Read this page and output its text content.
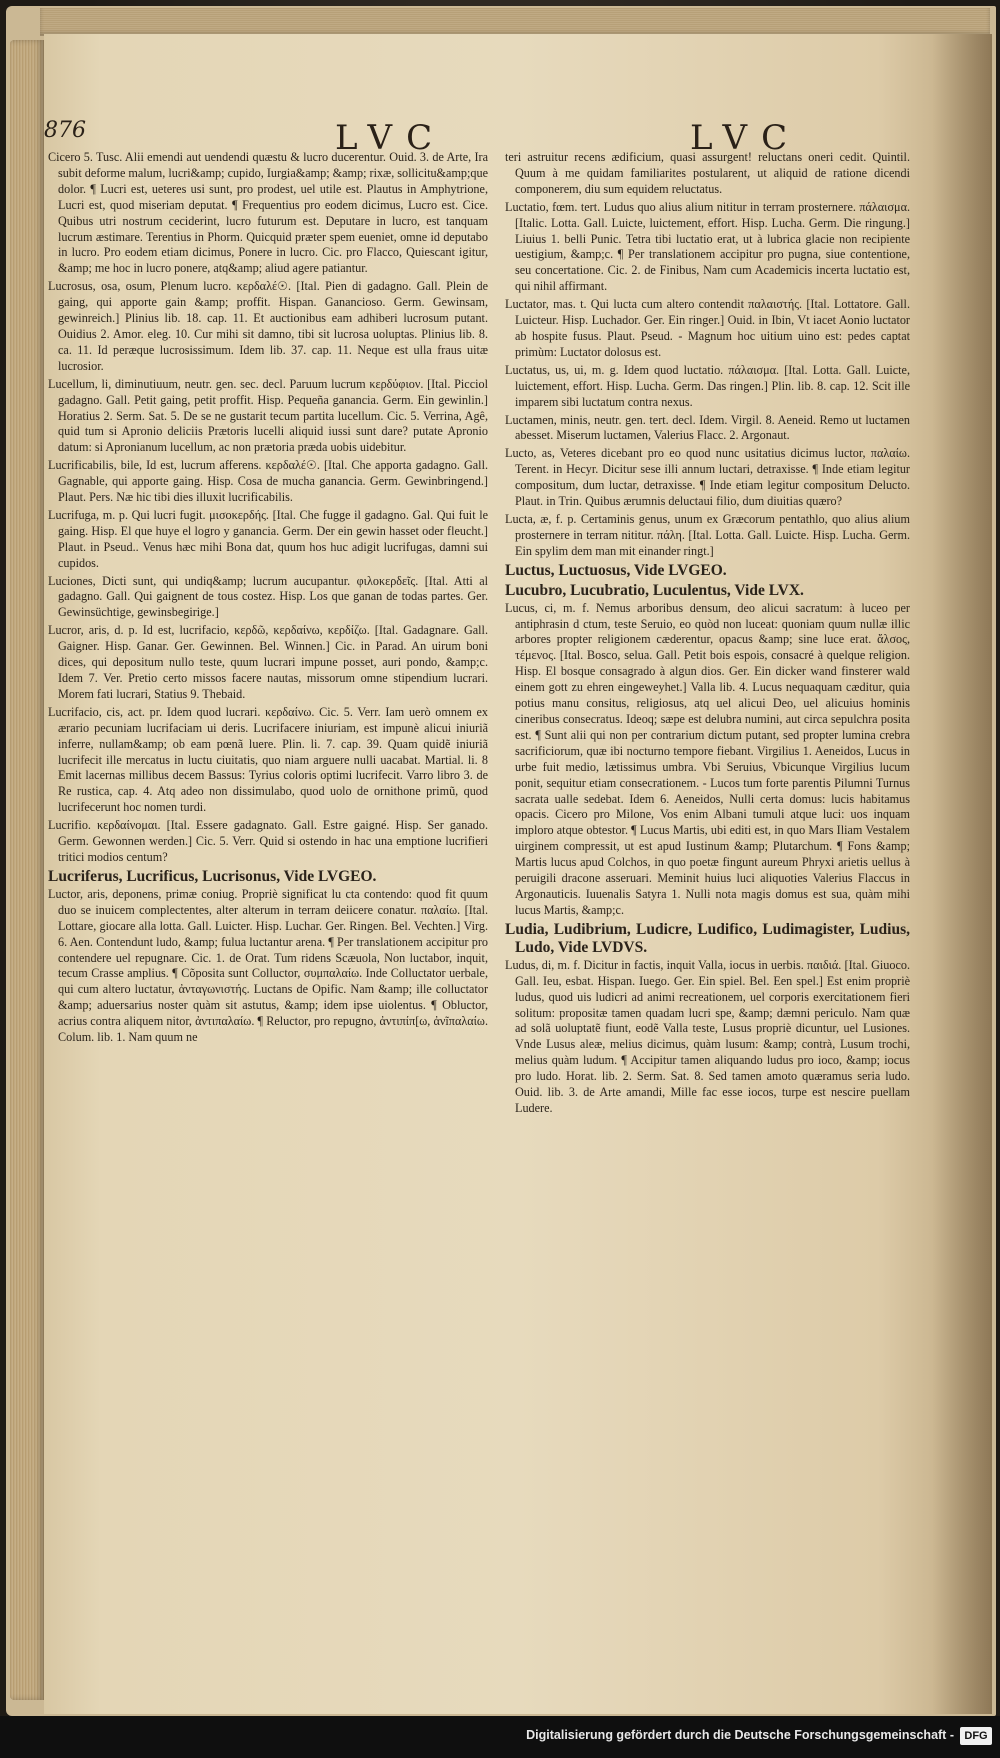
876	LVC	LVC

Cicero 5. Tusc. Alii emendi aut uendendi quæstu & lucro ducerentur. Ouid. 3. de Arte, Ira subit deforme malum, lucri&amp; cupido, Iurgia&amp; &amp; rixæ, sollicitu&amp;que dolor. ¶ Lucri est, ueteres usi sunt, pro prodest, uel utile est. Plautus in Amphytrione, Lucri est, quod miseriam deputat. ¶ Frequentius pro eodem dicimus, Lucro est. Cice. Quibus utri nostrum ceciderint, lucro futurum est. Deputare in lucro, est tanquam lucrum æstimare. Terentius in Phorm. Quicquid præter spem eueniet, omne id deputabo in lucro. Pro eodem etiam dicimus, Ponere in lucro. Cic. pro Flacco, Quiescant igitur, &amp; me hoc in lucro ponere, atq&amp; aliud agere patiantur.

Lucrosus, osa, osum, Plenum lucro. κερδαλέ☉. [Ital. Pien di gadagno. Gall. Plein de gaing, qui apporte gain &amp; proffit. Hispan. Gananciosо. Germ. Gewinsam, gewinreich.] Plinius lib. 18. cap. 11. Et auctionibus eam adhiberi lucrosum putant. Ouidius 2. Amor. eleg. 10. Cur mihi sit damno, tibi sit lucrosa uoluptas. Plinius lib. 8. ca. 11. Id peræque lucrosissimum. Idem lib. 37. cap. 11. Neque est ulla fraus uitæ lucrosior.

Lucellum, li, diminutiuum, neutr. gen. sec. decl. Paruum lucrum κερδύφιον. [Ital. Picciol gadagno. Gall. Petit gaing, petit proffit. Hisp. Pequeña ganancia. Germ. Ein gewinlin.] Horatius 2. Serm. Sat. 5. De se ne gustarit tecum partita lucellum. Cic. 5. Verrina, Agê, quid tum si Apronio deliciis Prætoris lucelli aliquid iussi sunt dare? putate Apronio datum: si Apronianum lucellum, ac non prætoria præda uobis uidebitur.

Lucrificabilis, bile, Id est, lucrum afferens. κερδαλέ☉. [Ital. Che apporta gadagno. Gall. Gagnable, qui apporte gaing. Hisp. Cosa de mucha ganancia. Germ. Gewinbringend.] Plaut. Pers. Næ hic tibi dies illuxit lucrificabilis.

Lucrifuga, m. p. Qui lucri fugit. μισοκερδής. [Ital. Che fugge il gadagno. Gal. Qui fuit le gaing. Hisp. El que huye el logro y ganancia. Germ. Der ein gewin hasset oder fleucht.] Plaut. in Pseud.. Venus hæc mihi Bona dat, quum hos huc adigit lucrifugas, damni sui cupidos.

Luciones, Dicti sunt, qui undiq&amp; lucrum aucupantur. φιλοκερδεῖς. [Ital. Atti al gadagno. Gall. Qui gaignent de tous costez. Hisp. Los que ganan de todas partes. Ger. Gewinsüchtige, gewinsbegirige.]

Lucror, aris, d. p. Id est, lucrifacio, κερδῶ, κερδαίνω, κερδίζω. [Ital. Gadagnare. Gall. Gaigner. Hisp. Ganar. Ger. Gewinnen. Bel. Winnen.] Cic. in Parad. An uirum boni dices, qui depositum nullo teste, quum lucrari impune posset, auri pondo, &amp;c. Idem 7. Ver. Pretio certo missos facere nautas, missorum omne stipendium lucrari. Morem fati lucrari, Statius 9. Thebaid.

Lucrifacio, cis, act. pr. Idem quod lucrari. κερδαίνω. Cic. 5. Verr. Iam uerò omnem ex ærario pecuniam lucrifaciam ui deris. Lucrifacere iniuriam, est impunè alicui iniuriã inferre, nullam&amp; ob eam pœnã luere. Plin. li. 7. cap. 39. Quam quidẽ iniuriã lucrifecit ille mercatus in luctu ciuitatis, quo niam arguere nulli uacabat. Martial. li. 8 Emit lacernas millibus decem Bassus: Tyrius coloris optimi lucrifecit. Varro libro 3. de Re rustica, cap. 4. Atq adeo non dissimulabo, quod uolo de ornithone primũ, quod lucrifecerunt hoc nomen turdi.

Lucrifio. κερδαίνομαι. [Ital. Essere gadagnato. Gall. Estre gaigné. Hisp. Ser ganado. Germ. Gewonnen werden.] Cic. 5. Verr. Quid si ostendo in hac una emptione lucrifieri tritici modios centum?

Lucriferus, Lucrificus, Lucrisonus, Vide LVGEO.

Luctor, aris, deponens, primæ coniug. Propriè significat lu cta contendo: quod fit quum duo se inuicem complectentes, alter alterum in terram deiicere conatur. παλαίω. [Ital. Lottare, giocare alla lotta. Gall. Luicter. Hisp. Luchar. Ger. Ringen. Bel. Vechten.] Virg. 6. Aen. Contendunt ludo, &amp; fulua luctantur arena. ¶ Per translationem accipitur pro contendere uel repugnare. Cic. 1. de Orat. Tum ridens Scæuola, Non luctabor, inquit, tecum Crasse amplius. ¶ Cõposita sunt Colluctor, συμπαλαίω. Inde Colluctator uerbale, qui cum altero luctatur, ἀνταγωνιστής. Luctans de Opific. Nam &amp; ille colluctator &amp; aduersarius noster quàm sit astutus, &amp; idem ipse uiolentus. ¶ Obluctor, acrius contra aliquem nitor, ἀντιπαλαίω. ¶ Reluctor, pro repugno, ἀντιπίπ[ω, ἀνĩπαλαίω. Colum. lib. 1. Nam quum ne

teri astruitur recens ædificium, quasi assurgent! reluctans oneri cedit. Quintil. Quum à me quidam familiarites postularent, ut aliquid de ratione dicendi componerem, diu sum equidem reluctatus.

Luctatio, fœm. tert. Ludus quo alius alium nititur in terram prosternere. πάλαισμα. [Italic. Lotta. Gall. Luicte, luictement, effort. Hisp. Lucha. Germ. Die ringung.] Liuius 1. belli Punic. Tetra tibi luctatio erat, ut à lubrica glacie non recipiente uestigium, &amp;c. ¶ Per translationem accipitur pro pugna, siue contentione, seu concertatione. Cic. 2. de Finibus, Nam cum Academicis incerta luctatio est, qui nihil affirmant.

Luctator, mas. t. Qui lucta cum altero contendit παλαιστής. [Ital. Lottatore. Gall. Luicteur. Hisp. Luchador. Ger. Ein ringer.] Ouid. in Ibin, Vt iacet Aonio luctator ab hospite fusus. Plaut. Pseud. - Magnum hoc uitium uino est: pedes captat primùm: Luctator dolosus est.

Luctatus, us, ui, m. g. Idem quod luctatio. πάλαισμα. [Ital. Lotta. Gall. Luicte, luictement, effort. Hisp. Lucha. Germ. Das ringen.] Plin. lib. 8. cap. 12. Scit ille imparem sibi luctatum contra nexus.

Luctamen, minis, neutr. gen. tert. decl. Idem. Virgil. 8. Aeneid. Remo ut luctamen abesset. Miserum luctamen, Valerius Flacc. 2. Argonaut.

Lucto, as, Veteres dicebant pro eo quod nunc usitatius dicimus luctor, παλαίω. Terent. in Hecyr. Dicitur sese illi annum luctari, detraxisse. ¶ Inde etiam legitur compositum, dum luctar, detraxisse. ¶ Inde etiam legitur compositum Delucto. Plaut. in Trin. Quibus ærumnis deluctaui filio, dum diuitias quæro?

Lucta, æ, f. p. Certaminis genus, unum ex Græcorum pentathlo, quo alius alium prosternere in terram nititur. πάλη. [Ital. Lotta. Gall. Luicte. Hisp. Lucha. Germ. Ein spylim dem man mit einander ringt.]

Luctus, Luctuosus, Vide LVGEO.

Lucubro, Lucubratio, Luculentus, Vide LVX.

Lucus, ci, m. f. Nemus arboribus densum, deo alicui sacratum: à luceo per antiphrasin d ctum, teste Seruio, eo quòd non luceat: quoniam quum nullæ illic arbores propter religionem cæderentur, opacus &amp; sine luce erat. ἄλσος, τέμενος. [Ital. Bosco, selua. Gall. Petit bois espois, consacré à quelque religion. Hisp. El bosque consagrado à algun dios. Ger. Ein dicker wand finsterer wald einem gott zu ehren eingeweyhet.] Valla lib. 4. Lucus nequaquam cæditur, quia potius manu consitus, religiosus, atq uel alicui Deo, uel alicuius hominis cineribus consecratus. Ideoq; sæpe est delubra numini, aut circa sepulchra posita est. ¶ Sunt alii qui non per contrarium dictum putant, sed propter lumina crebra sacrificiorum, quæ ibi nocturno tempore fiebant. Virgilius 1. Aeneidos, Lucus in urbe fuit medio, lætissimus umbra. Vbi Seruius, Vbicunque Virgilius lucum ponit, sequitur etiam consecrationem. - Lucos tum forte parentis Pilumni Turnus sacrata ualle sedebat. Idem 6. Aeneidos, Nulli certa domus: lucis habitamus opacis. Cicero pro Milone, Vos enim Albani tumuli atque luci: uos inquam imploro atque obtestor. ¶ Lucus Martis, ubi editi est, in quo Mars Iliam Vestalem uirginem compressit, ut est apud Iustinum &amp; Plutarchum. ¶ Fons &amp; Martis lucus apud Colchos, in quo poetæ fingunt aureum Phryxi arietis uellus à peruigili dracone asseruari. Meminit huius luci aliquoties Valerius Flaccus in Argonauticis. Iuuenalis Satyra 1. Nulli nota magis domus est sua, quàm mihi lucus Martis, &amp;c.

Ludia, Ludibrium, Ludicre, Ludifico, Ludimagister, Ludius, Ludo, Vide LVDVS.

Ludus, di, m. f. Dicitur in factis, inquit Valla, iocus in uerbis. παιδιά. [Ital. Giuoco. Gall. Ieu, esbat. Hispan. Iuego. Ger. Ein spiel. Bel. Een spel.] Est enim propriè ludus, quod uis ludicri ad animi recreationem, uel corporis exercitationem fieri solitum: propositæ tamen quadam lucri spe, &amp; dæmni periculo. Nam quæ ad solã uoluptatẽ fiunt, eodẽ Valla teste, Lusus propriè dicuntur, uel Lusiones. Vnde Lusus aleæ, melius dicimus, quàm lusum: &amp; contrà, Lusum trochi, melius quàm ludum. ¶ Accipitur tamen aliquando ludus pro ioco, &amp; iocus pro ludo. Horat. lib. 2. Serm. Sat. 8. Sed tamen amoto quæramus seria ludo. Ouid. lib. 3. de Arte amandi, Mille fac esse iocos, turpe est nescire puellam Luderе.

Digitalisierung gefördert durch die Deutsche Forschungsgemeinschaft - DFG
